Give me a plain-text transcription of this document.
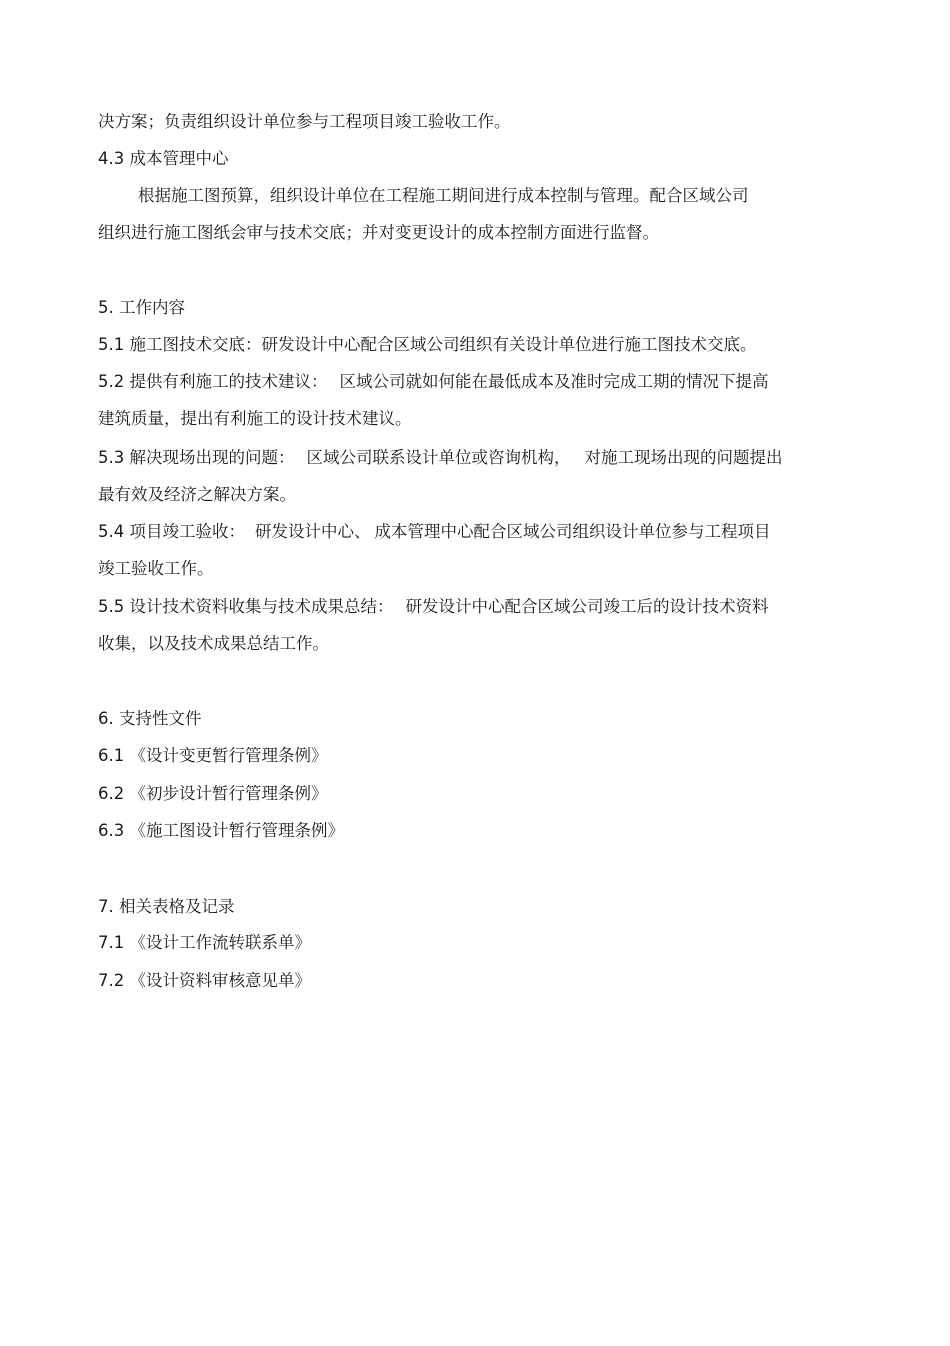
决方案；负责组织设计单位参与工程项目竣工验收工作。
4.3 成本管理中心
根据施工图预算，组织设计单位在工程施工期间进行成本控制与管理。配合区域公司
组织进行施工图纸会审与技术交底；并对变更设计的成本控制方面进行监督。
5. 工作内容
5.1 施工图技术交底：研发设计中心配合区域公司组织有关设计单位进行施工图技术交底。
5.2 提供有利施工的技术建议： 区域公司就如何能在最低成本及准时完成工期的情况下提高
建筑质量，提出有利施工的设计技术建议。
5.3 解决现场出现的问题： 区域公司联系设计单位或咨询机构， 对施工现场出现的问题提出
最有效及经济之解决方案。
5.4 项目竣工验收： 研发设计中心、 成本管理中心配合区域公司组织设计单位参与工程项目
竣工验收工作。
5.5 设计技术资料收集与技术成果总结： 研发设计中心配合区域公司竣工后的设计技术资料
收集，以及技术成果总结工作。
6. 支持性文件
6.1 《设计变更暂行管理条例》
6.2 《初步设计暂行管理条例》
6.3 《施工图设计暂行管理条例》
7. 相关表格及记录
7.1 《设计工作流转联系单》
7.2 《设计资料审核意见单》
